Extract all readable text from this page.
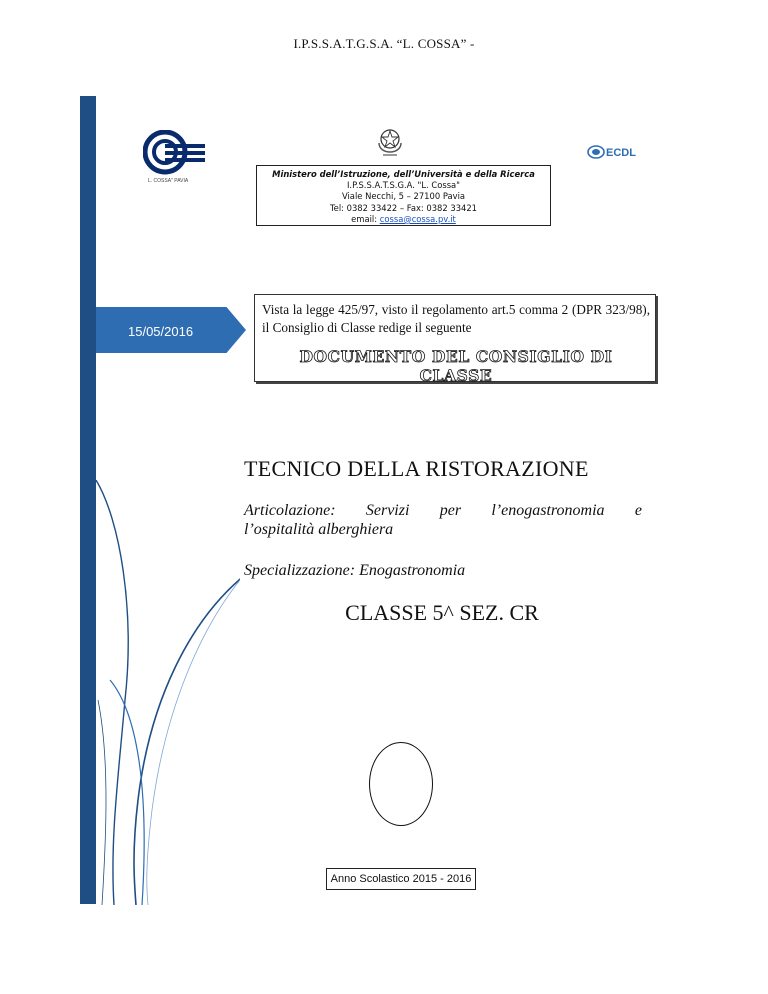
I.P.S.S.A.T.G.S.A. “L. COSSA” -
L. COSSA" PAVIA
ECDL
Ministero dell’Istruzione, dell’Università e della Ricerca
I.P.S.S.A.T.S.G.A. "L. Cossa"
Viale Necchi, 5 – 27100 Pavia
Tel: 0382 33422 – Fax: 0382 33421
email: cossa@cossa.pv.it
15/05/2016
Vista la legge 425/97, visto il regolamento art.5 comma 2 (DPR 323/98), il Consiglio di Classe redige il seguente
DOCUMENTO DEL CONSIGLIO DI CLASSE
TECNICO DELLA RISTORAZIONE
Articolazione: Servizi per l’enogastronomia e
l’ospitalità alberghiera
Specializzazione: Enogastronomia
CLASSE 5^ SEZ. CR
Anno Scolastico 2015 - 2016
